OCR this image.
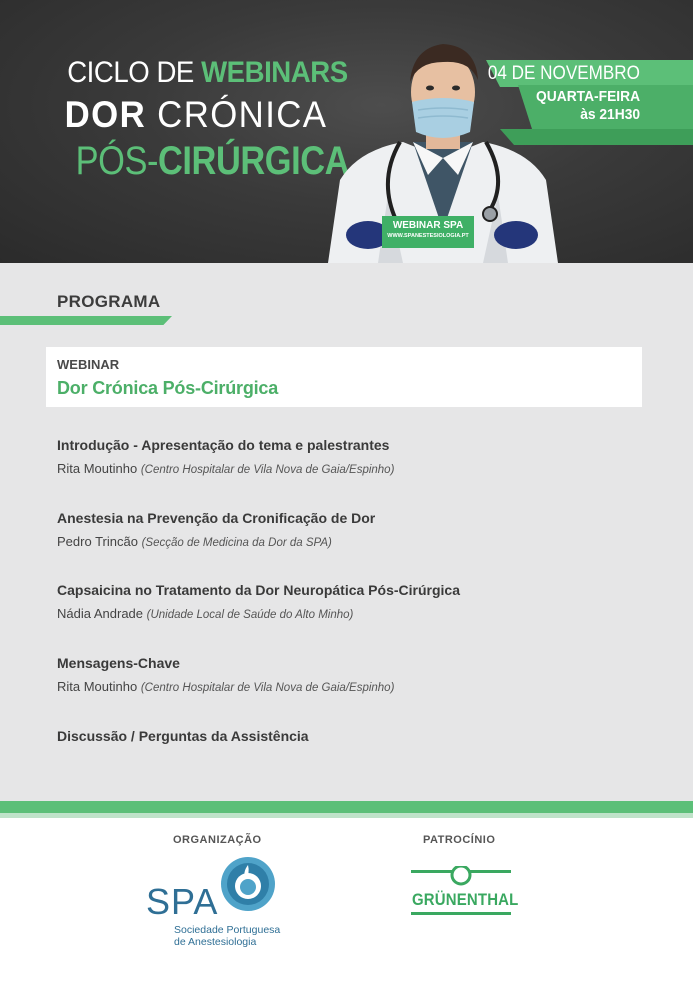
CICLO DE WEBINARS
DOR CRÓNICA
PÓS-CIRÚRGICA
WEBINAR SPA
WWW.SPANESTESIOLOGIA.PT
04 DE NOVEMBRO
QUARTA-FEIRA
às 21H30
PROGRAMA
WEBINAR
Dor Crónica Pós-Cirúrgica
Introdução - Apresentação do tema e palestrantes
Rita Moutinho (Centro Hospitalar de Vila Nova de Gaia/Espinho)
Anestesia na Prevenção da Cronificação de Dor
Pedro Trincão (Secção de Medicina da Dor da SPA)
Capsaicina no Tratamento da Dor Neuropática Pós-Cirúrgica
Nádia Andrade (Unidade Local de Saúde do Alto Minho)
Mensagens-Chave
Rita Moutinho (Centro Hospitalar de Vila Nova de Gaia/Espinho)
Discussão / Perguntas da Assistência
ORGANIZAÇÃO	PATROCÍNIO
SPA
Sociedade Portuguesa
de Anestesiologia
GRÜNENTHAL
